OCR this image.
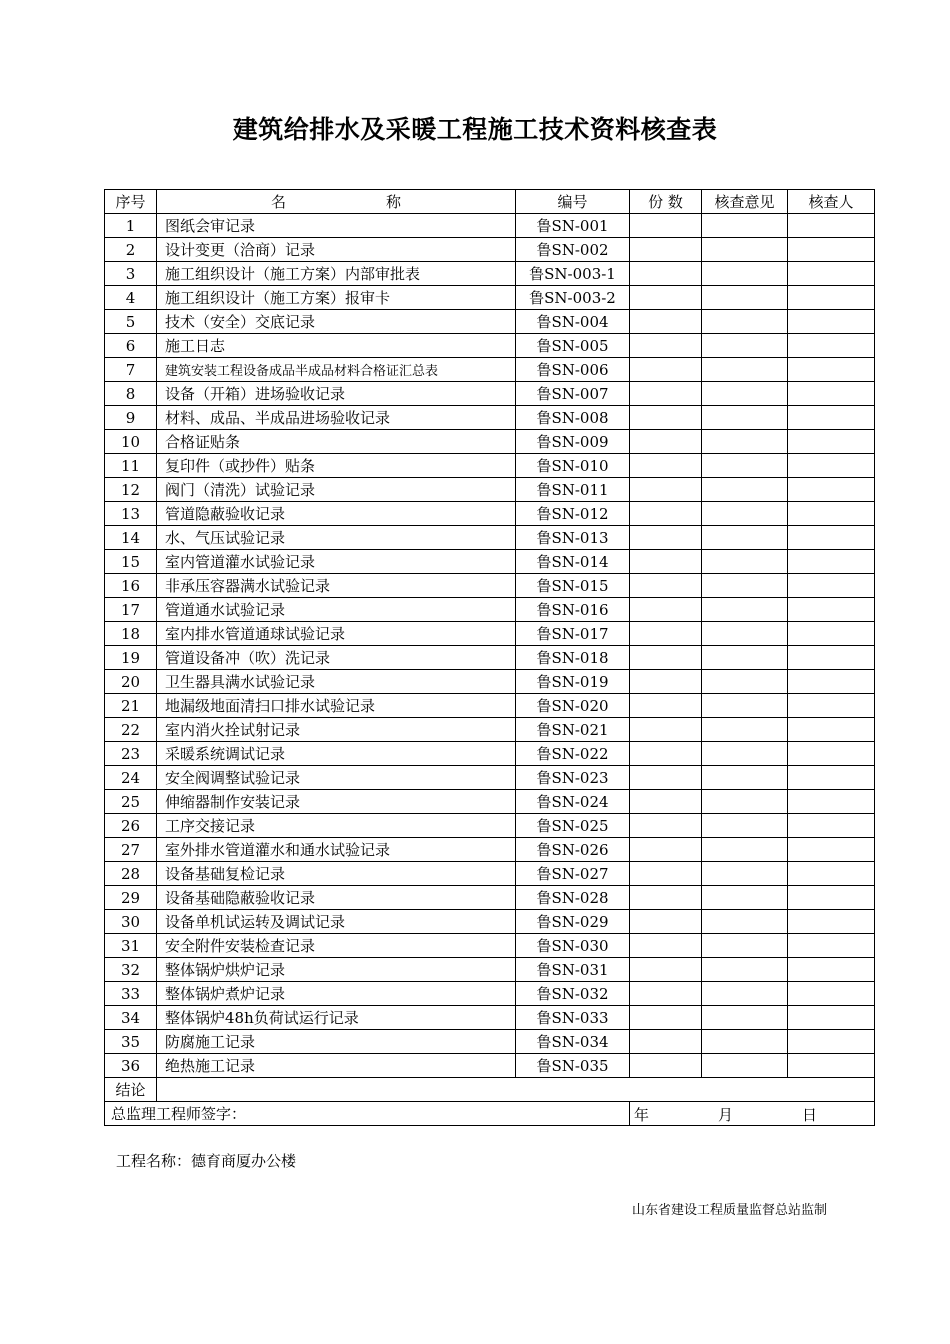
建筑给排水及采暖工程施工技术资料核查表
序号	名 称	编号	份 数	核查意见	核查人
1	图纸会审记录	鲁SN-001			
2	设计变更（洽商）记录	鲁SN-002			
3	施工组织设计（施工方案）内部审批表	鲁SN-003-1			
4	施工组织设计（施工方案）报审卡	鲁SN-003-2			
5	技术（安全）交底记录	鲁SN-004			
6	施工日志	鲁SN-005			
7	建筑安装工程设备成品半成品材料合格证汇总表	鲁SN-006			
8	设备（开箱）进场验收记录	鲁SN-007			
9	材料、成品、半成品进场验收记录	鲁SN-008			
10	合格证贴条	鲁SN-009			
11	复印件（或抄件）贴条	鲁SN-010			
12	阀门（清洗）试验记录	鲁SN-011			
13	管道隐蔽验收记录	鲁SN-012			
14	水、气压试验记录	鲁SN-013			
15	室内管道灌水试验记录	鲁SN-014			
16	非承压容器满水试验记录	鲁SN-015			
17	管道通水试验记录	鲁SN-016			
18	室内排水管道通球试验记录	鲁SN-017			
19	管道设备冲（吹）洗记录	鲁SN-018			
20	卫生器具满水试验记录	鲁SN-019			
21	地漏级地面清扫口排水试验记录	鲁SN-020			
22	室内消火拴试射记录	鲁SN-021			
23	采暖系统调试记录	鲁SN-022			
24	安全阀调整试验记录	鲁SN-023			
25	伸缩器制作安装记录	鲁SN-024			
26	工序交接记录	鲁SN-025			
27	室外排水管道灌水和通水试验记录	鲁SN-026			
28	设备基础复检记录	鲁SN-027			
29	设备基础隐蔽验收记录	鲁SN-028			
30	设备单机试运转及调试记录	鲁SN-029			
31	安全附件安装检查记录	鲁SN-030			
32	整体锅炉烘炉记录	鲁SN-031			
33	整体锅炉煮炉记录	鲁SN-032			
34	整体锅炉48h负荷试运行记录	鲁SN-033			
35	防腐施工记录	鲁SN-034			
36	绝热施工记录	鲁SN-035			
结论					
总监理工程师签字：			年 月 日		
工程名称：德育商厦办公楼
山东省建设工程质量监督总站监制
